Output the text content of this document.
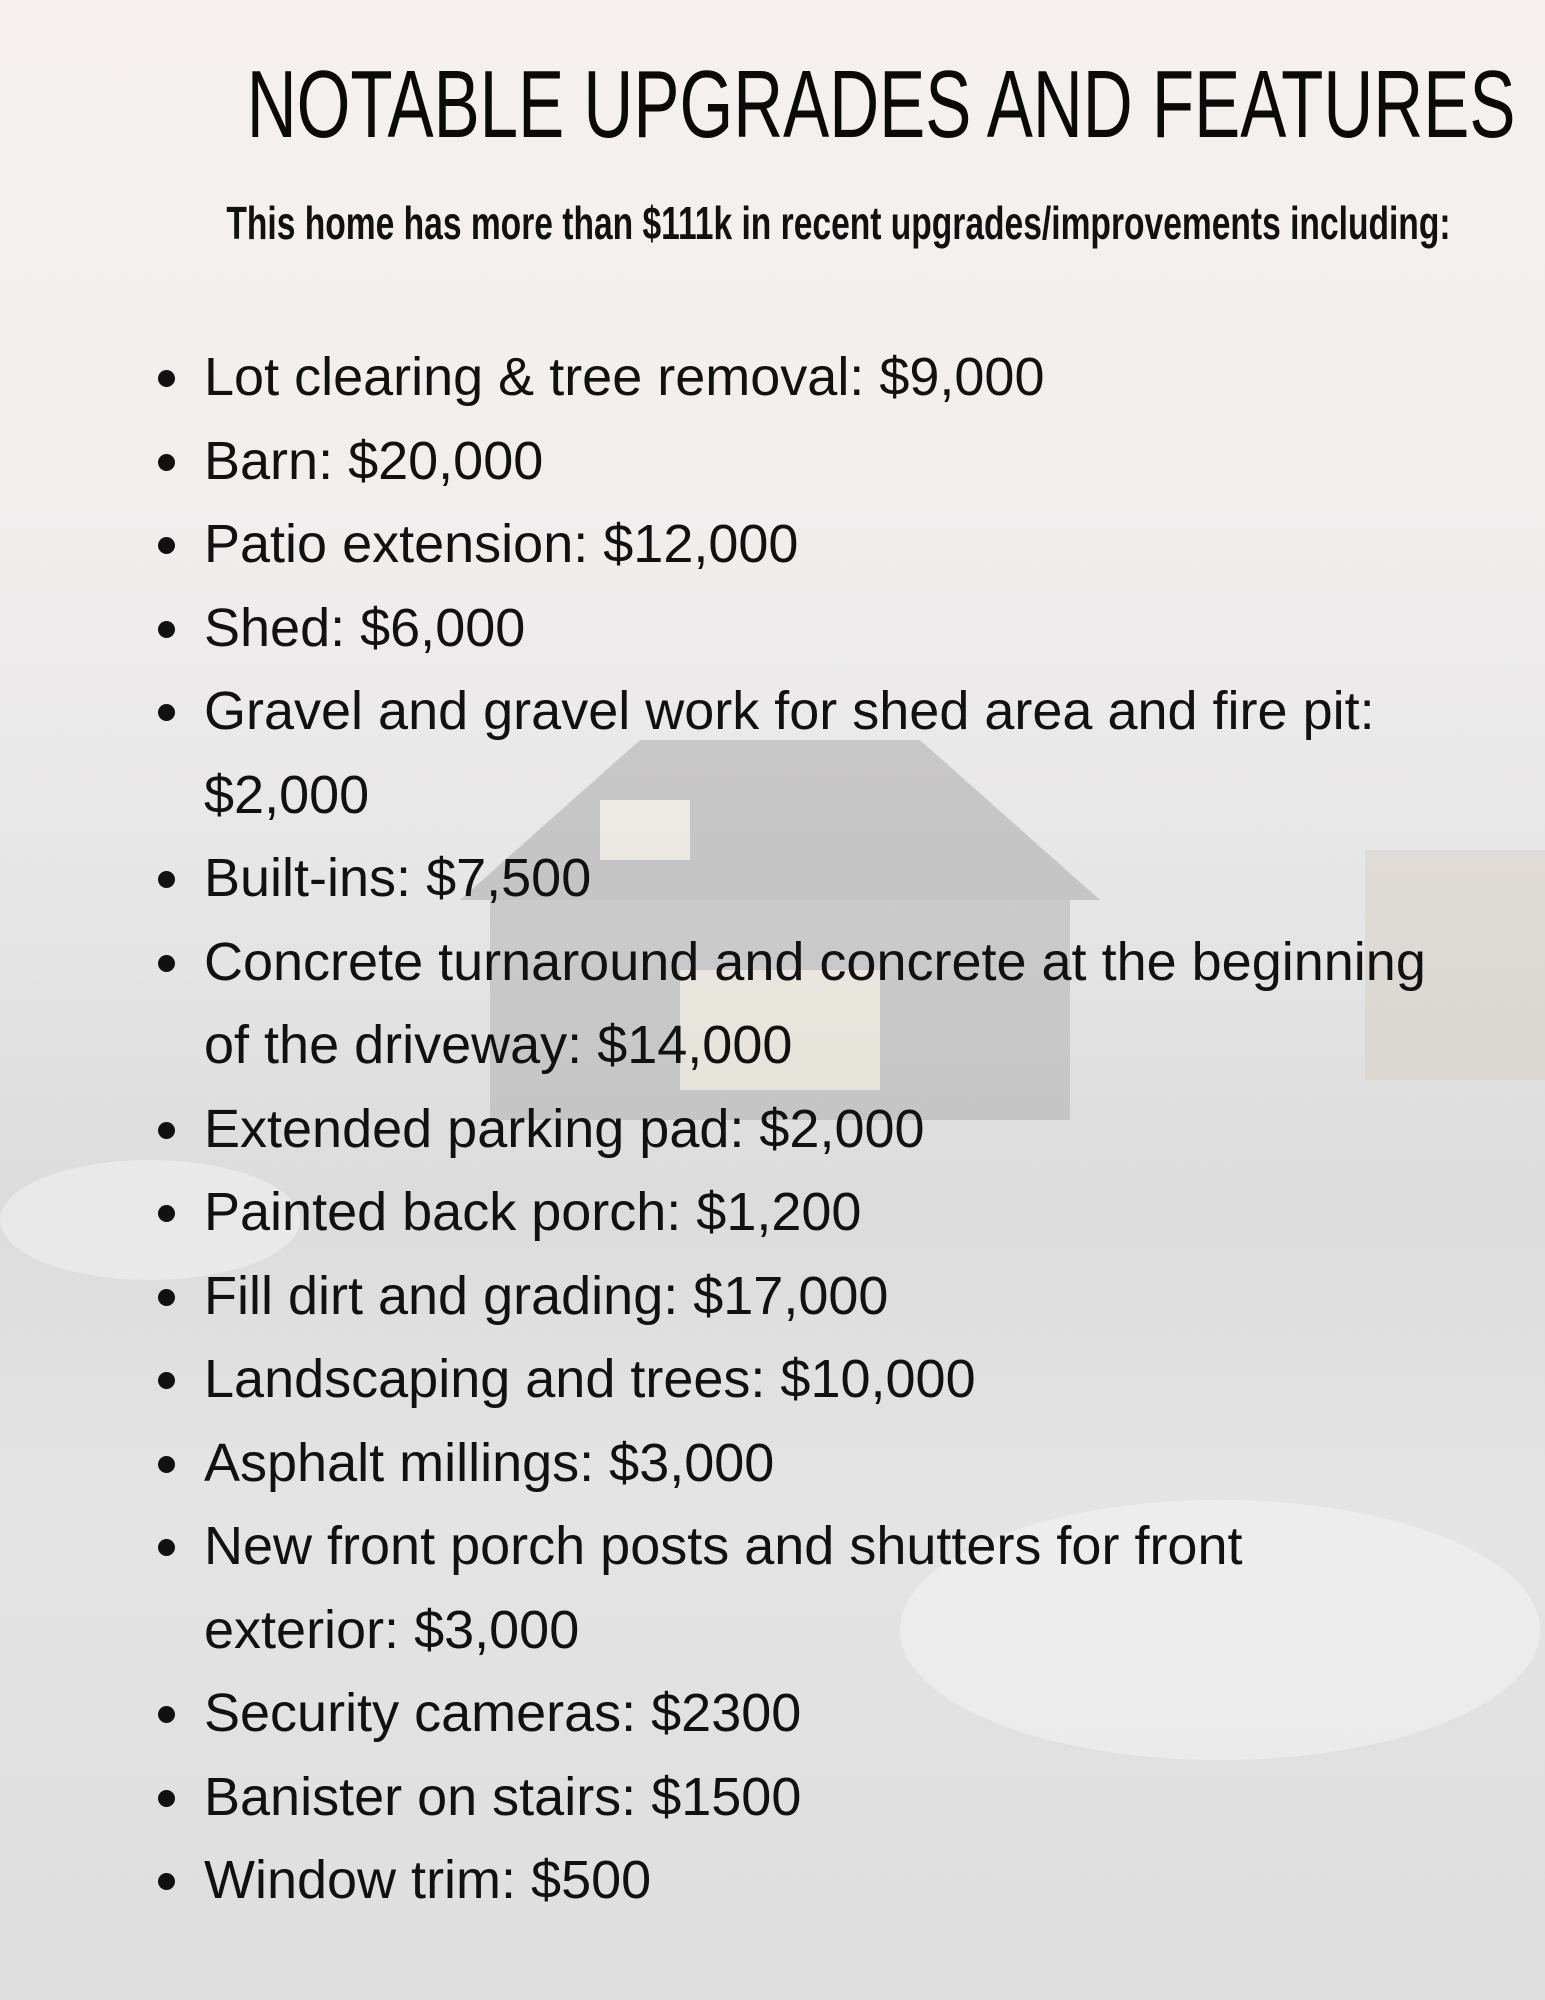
NOTABLE UPGRADES AND FEATURES

This home has more than $111k in recent upgrades/improvements including:

Lot clearing & tree removal: $9,000
Barn: $20,000
Patio extension: $12,000
Shed: $6,000
Gravel and gravel work for shed area and fire pit: $2,000
Built-ins: $7,500
Concrete turnaround and concrete at the beginning of the driveway: $14,000
Extended parking pad: $2,000
Painted back porch: $1,200
Fill dirt and grading: $17,000
Landscaping and trees: $10,000
Asphalt millings: $3,000
New front porch posts and shutters for front exterior: $3,000
Security cameras: $2300
Banister on stairs: $1500
Window trim: $500
